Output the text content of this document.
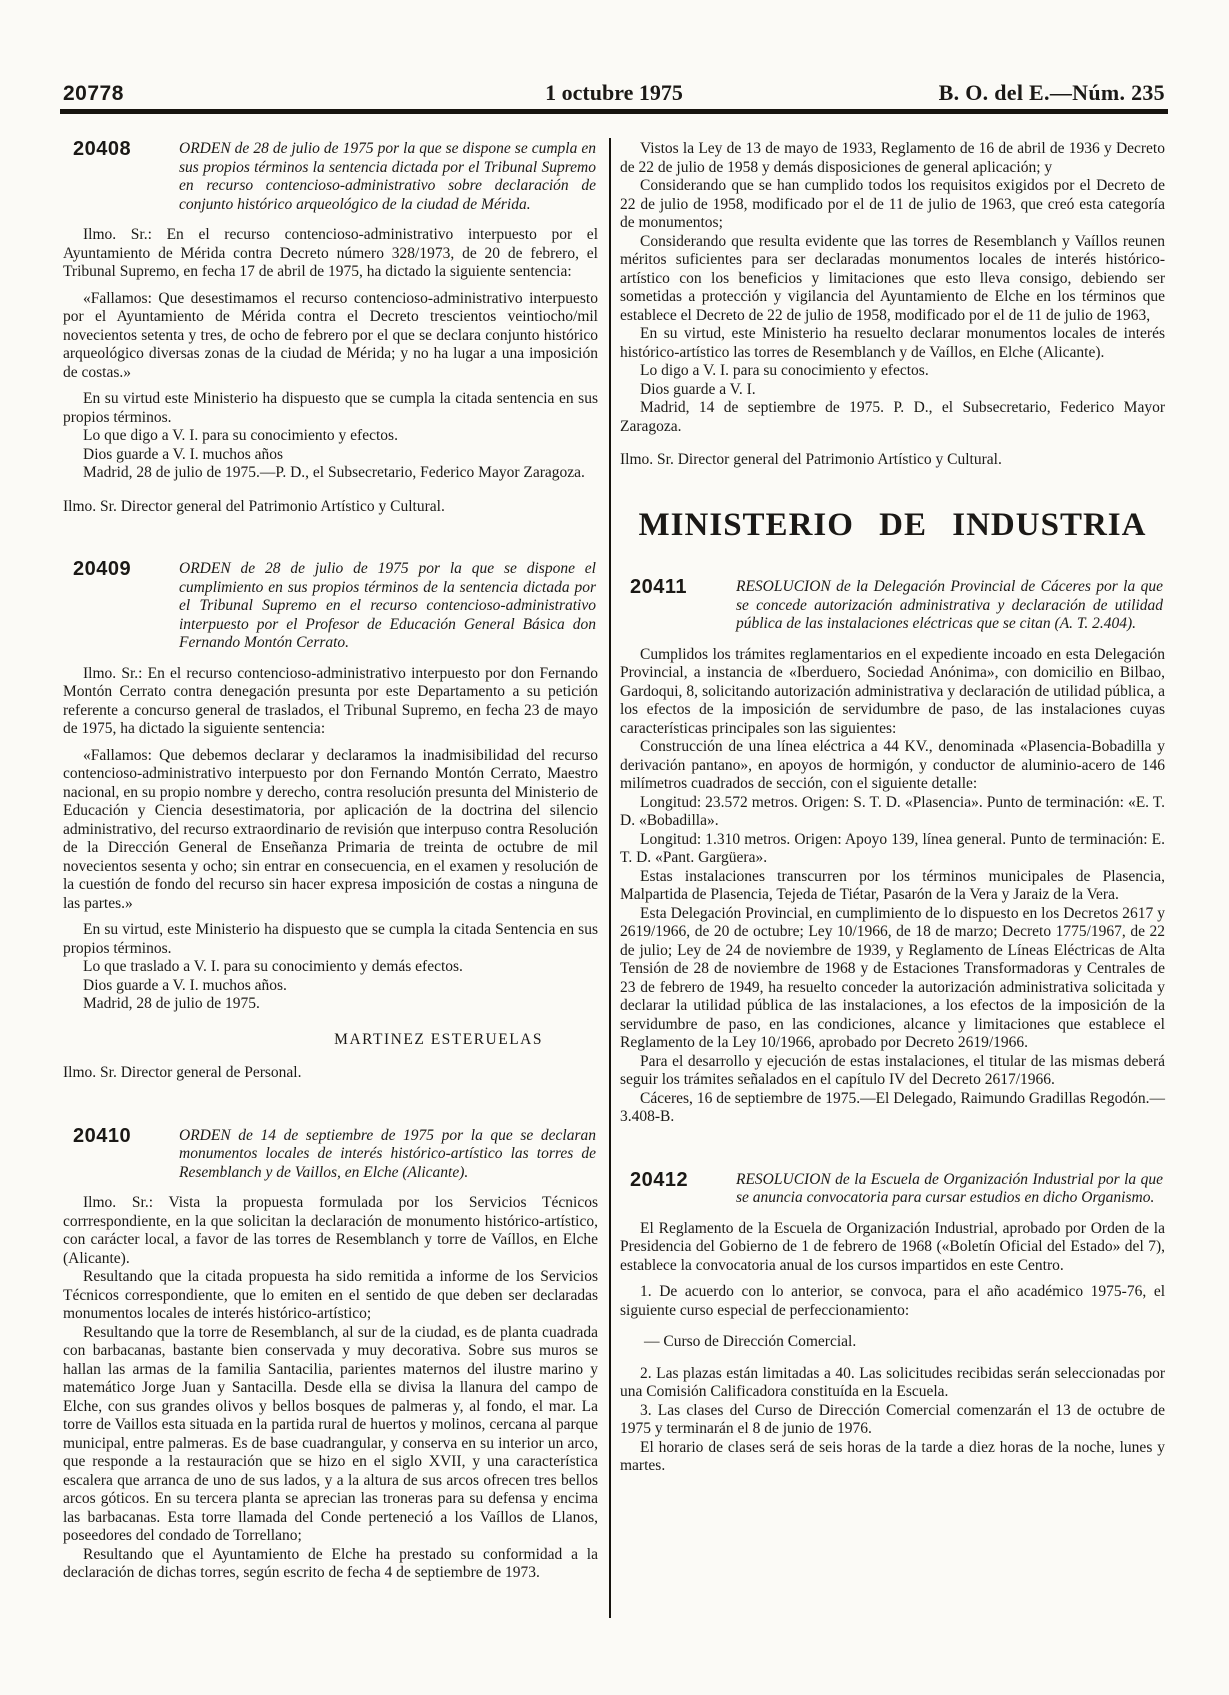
20778	1 octubre 1975	B. O. del E.—Núm. 235
20408	ORDEN de 28 de julio de 1975 por la que se dispone se cumpla en sus propios términos la sentencia dictada por el Tribunal Supremo en recurso contencioso-administrativo sobre declaración de conjunto histórico arqueológico de la ciudad de Mérida.

Ilmo. Sr.: En el recurso contencioso-administrativo interpuesto por el Ayuntamiento de Mérida contra Decreto número 328/1973, de 20 de febrero, el Tribunal Supremo, en fecha 17 de abril de 1975, ha dictado la siguiente sentencia:

«Fallamos: Que desestimamos el recurso contencioso-administrativo interpuesto por el Ayuntamiento de Mérida contra el Decreto trescientos veintiocho/mil novecientos setenta y tres, de ocho de febrero por el que se declara conjunto histórico arqueológico diversas zonas de la ciudad de Mérida; y no ha lugar a una imposición de costas.»

En su virtud este Ministerio ha dispuesto que se cumpla la citada sentencia en sus propios términos.

Lo que digo a V. I. para su conocimiento y efectos.

Dios guarde a V. I. muchos años

Madrid, 28 de julio de 1975.—P. D., el Subsecretario, Federico Mayor Zaragoza.

Ilmo. Sr. Director general del Patrimonio Artístico y Cultural.

20409	ORDEN de 28 de julio de 1975 por la que se dispone el cumplimiento en sus propios términos de la sentencia dictada por el Tribunal Supremo en el recurso contencioso-administrativo interpuesto por el Profesor de Educación General Básica don Fernando Montón Cerrato.

Ilmo. Sr.: En el recurso contencioso-administrativo interpuesto por don Fernando Montón Cerrato contra denegación presunta por este Departamento a su petición referente a concurso general de traslados, el Tribunal Supremo, en fecha 23 de mayo de 1975, ha dictado la siguiente sentencia:

«Fallamos: Que debemos declarar y declaramos la inadmisibilidad del recurso contencioso-administrativo interpuesto por don Fernando Montón Cerrato, Maestro nacional, en su propio nombre y derecho, contra resolución presunta del Ministerio de Educación y Ciencia desestimatoria, por aplicación de la doctrina del silencio administrativo, del recurso extraordinario de revisión que interpuso contra Resolución de la Dirección General de Enseñanza Primaria de treinta de octubre de mil novecientos sesenta y ocho; sin entrar en consecuencia, en el examen y resolución de la cuestión de fondo del recurso sin hacer expresa imposición de costas a ninguna de las partes.»

En su virtud, este Ministerio ha dispuesto que se cumpla la citada Sentencia en sus propios términos.

Lo que traslado a V. I. para su conocimiento y demás efectos.

Dios guarde a V. I. muchos años.

Madrid, 28 de julio de 1975.

MARTINEZ ESTERUELAS

Ilmo. Sr. Director general de Personal.

20410	ORDEN de 14 de septiembre de 1975 por la que se declaran monumentos locales de interés histórico-artístico las torres de Resemblanch y de Vaillos, en Elche (Alicante).

Ilmo. Sr.: Vista la propuesta formulada por los Servicios Técnicos corrrespondiente, en la que solicitan la declaración de monumento histórico-artístico, con carácter local, a favor de las torres de Resemblanch y torre de Vaíllos, en Elche (Alicante).

Resultando que la citada propuesta ha sido remitida a informe de los Servicios Técnicos correspondiente, que lo emiten en el sentido de que deben ser declaradas monumentos locales de interés histórico-artístico;

Resultando que la torre de Resemblanch, al sur de la ciudad, es de planta cuadrada con barbacanas, bastante bien conservada y muy decorativa. Sobre sus muros se hallan las armas de la familia Santacilia, parientes maternos del ilustre marino y matemático Jorge Juan y Santacilla. Desde ella se divisa la llanura del campo de Elche, con sus grandes olivos y bellos bosques de palmeras y, al fondo, el mar. La torre de Vaillos esta situada en la partida rural de huertos y molinos, cercana al parque municipal, entre palmeras. Es de base cuadrangular, y conserva en su interior un arco, que responde a la restauración que se hizo en el siglo XVII, y una característica escalera que arranca de uno de sus lados, y a la altura de sus arcos ofrecen tres bellos arcos góticos. En su tercera planta se aprecian las troneras para su defensa y encima las barbacanas. Esta torre llamada del Conde perteneció a los Vaíllos de Llanos, poseedores del condado de Torrellano;

Resultando que el Ayuntamiento de Elche ha prestado su conformidad a la declaración de dichas torres, según escrito de fecha 4 de septiembre de 1973.

Vistos la Ley de 13 de mayo de 1933, Reglamento de 16 de abril de 1936 y Decreto de 22 de julio de 1958 y demás disposiciones de general aplicación; y

Considerando que se han cumplido todos los requisitos exigidos por el Decreto de 22 de julio de 1958, modificado por el de 11 de julio de 1963, que creó esta categoría de monumentos;

Considerando que resulta evidente que las torres de Resemblanch y Vaíllos reunen méritos suficientes para ser declaradas monumentos locales de interés histórico-artístico con los beneficios y limitaciones que esto lleva consigo, debiendo ser sometidas a protección y vigilancia del Ayuntamiento de Elche en los términos que establece el Decreto de 22 de julio de 1958, modificado por el de 11 de julio de 1963,

En su virtud, este Ministerio ha resuelto declarar monumentos locales de interés histórico-artístico las torres de Resemblanch y de Vaíllos, en Elche (Alicante).

Lo digo a V. I. para su conocimiento y efectos.

Dios guarde a V. I.

Madrid, 14 de septiembre de 1975. P. D., el Subsecretario, Federico Mayor Zaragoza.

Ilmo. Sr. Director general del Patrimonio Artístico y Cultural.

MINISTERIO DE INDUSTRIA
20411	RESOLUCION de la Delegación Provincial de Cáceres por la que se concede autorización administrativa y declaración de utilidad pública de las instalaciones eléctricas que se citan (A. T. 2.404).

Cumplidos los trámites reglamentarios en el expediente incoado en esta Delegación Provincial, a instancia de «Iberduero, Sociedad Anónima», con domicilio en Bilbao, Gardoqui, 8, solicitando autorización administrativa y declaración de utilidad pública, a los efectos de la imposición de servidumbre de paso, de las instalaciones cuyas características principales son las siguientes:

Construcción de una línea eléctrica a 44 KV., denominada «Plasencia-Bobadilla y derivación pantano», en apoyos de hormigón, y conductor de aluminio-acero de 146 milímetros cuadrados de sección, con el siguiente detalle:

Longitud: 23.572 metros. Origen: S. T. D. «Plasencia». Punto de terminación: «E. T. D. «Bobadilla».

Longitud: 1.310 metros. Origen: Apoyo 139, línea general. Punto de terminación: E. T. D. «Pant. Gargüera».

Estas instalaciones transcurren por los términos municipales de Plasencia, Malpartida de Plasencia, Tejeda de Tiétar, Pasarón de la Vera y Jaraiz de la Vera.

Esta Delegación Provincial, en cumplimiento de lo dispuesto en los Decretos 2617 y 2619/1966, de 20 de octubre; Ley 10/1966, de 18 de marzo; Decreto 1775/1967, de 22 de julio; Ley de 24 de noviembre de 1939, y Reglamento de Líneas Eléctricas de Alta Tensión de 28 de noviembre de 1968 y de Estaciones Transformadoras y Centrales de 23 de febrero de 1949, ha resuelto conceder la autorización administrativa solicitada y declarar la utilidad pública de las instalaciones, a los efectos de la imposición de la servidumbre de paso, en las condiciones, alcance y limitaciones que establece el Reglamento de la Ley 10/1966, aprobado por Decreto 2619/1966.

Para el desarrollo y ejecución de estas instalaciones, el titular de las mismas deberá seguir los trámites señalados en el capítulo IV del Decreto 2617/1966.

Cáceres, 16 de septiembre de 1975.—El Delegado, Raimundo Gradillas Regodón.—3.408-B.

20412	RESOLUCION de la Escuela de Organización Industrial por la que se anuncia convocatoria para cursar estudios en dicho Organismo.

El Reglamento de la Escuela de Organización Industrial, aprobado por Orden de la Presidencia del Gobierno de 1 de febrero de 1968 («Boletín Oficial del Estado» del 7), establece la convocatoria anual de los cursos impartidos en este Centro.

1. De acuerdo con lo anterior, se convoca, para el año académico 1975-76, el siguiente curso especial de perfeccionamiento:

— Curso de Dirección Comercial.

2. Las plazas están limitadas a 40. Las solicitudes recibidas serán seleccionadas por una Comisión Calificadora constituída en la Escuela.

3. Las clases del Curso de Dirección Comercial comenzarán el 13 de octubre de 1975 y terminarán el 8 de junio de 1976.

El horario de clases será de seis horas de la tarde a diez horas de la noche, lunes y martes.
